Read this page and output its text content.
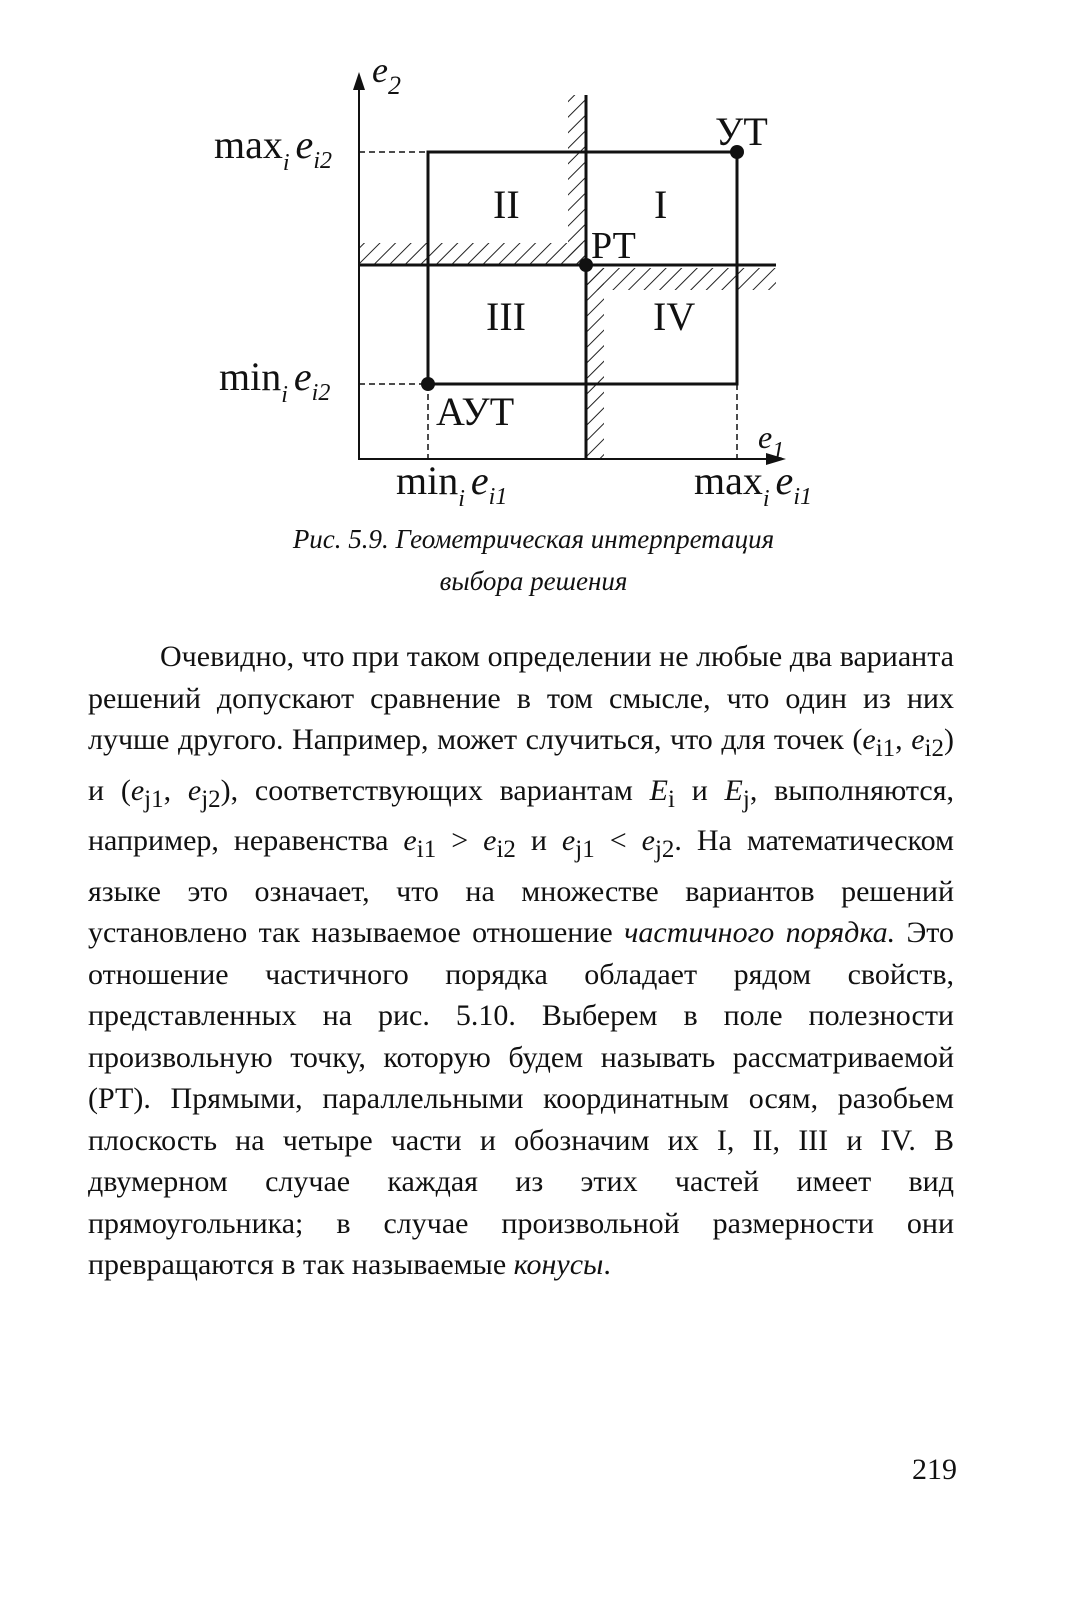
$e_2$
$e_1$
$\max_i e_{i2}$
$\min_i e_{i2}$
$\min_i e_{i1}$	$\max_i e_{i1}$
II	I
III	IV
УТ
РТ
АУТ
Рис. 5.9. Геометрическая интерпретация
выбора решения

Очевидно, что при таком определении не любые два варианта решений допускают сравнение в том смысле, что один из них лучше другого. Например, может случиться, что для точек ($e_{i1}$, $e_{i2}$) и ($e_{j1}$, $e_{j2}$), соответствующих вариантам $E_i$ и $E_j$, выполняются, например, неравенства $e_{i1} > e_{i2}$ и $e_{j1} < e_{j2}$. На математическом языке это означает, что на множестве вариантов решений установлено так называемое отношение частичного порядка. Это отношение частичного порядка обладает рядом свойств, представленных на рис. 5.10. Выберем в поле полезности произвольную точку, которую будем называть рассматриваемой (РТ). Прямыми, параллельными координатным осям, разобьем плоскость на четыре части и обозначим их I, II, III и IV. В двумерном случае каждая из этих частей имеет вид прямоугольника; в случае произвольной размерности они превращаются в так называемые конусы.

219
